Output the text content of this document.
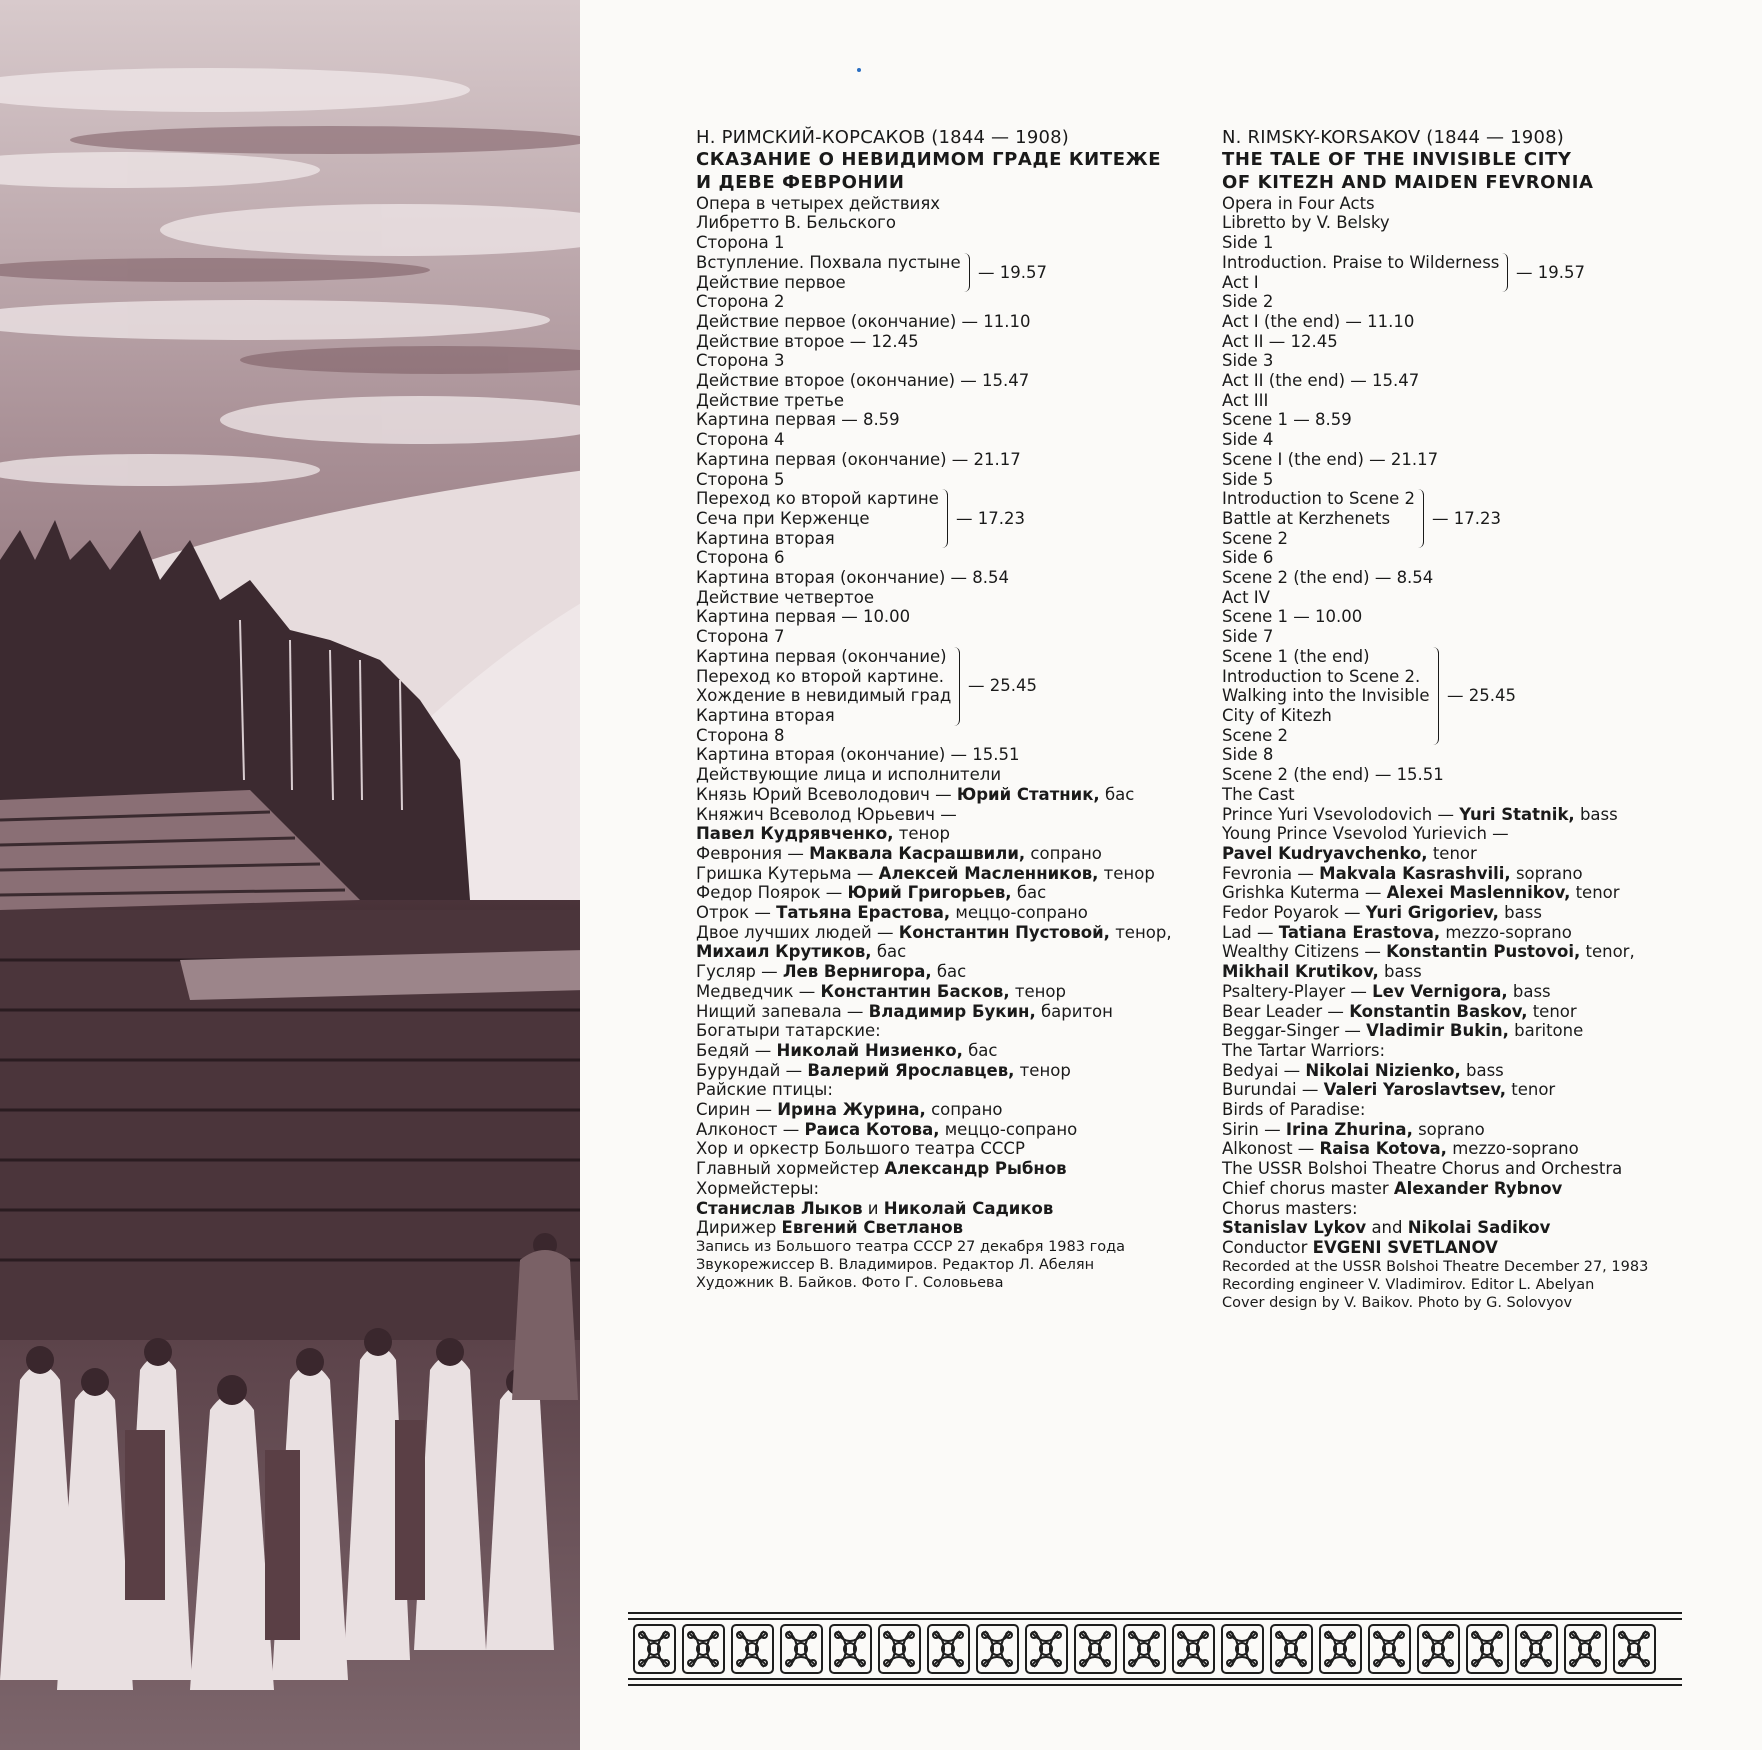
Н. РИМСКИЙ-КОРСАКОВ (1844 — 1908)
СКАЗАНИЕ О НЕВИДИМОМ ГРАДЕ КИТЕЖЕ
И ДЕВЕ ФЕВРОНИИ
Опера в четырех действиях
Либретто В. Бельского
Сторона 1
Вступление. Похвала пустыне
Действие первое
— 19.57
Сторона 2
Действие первое (окончание) — 11.10
Действие второе — 12.45
Сторона 3
Действие второе (окончание) — 15.47
Действие третье
Картина первая — 8.59
Сторона 4
Картина первая (окончание) — 21.17
Сторона 5
Переход ко второй картине
Сеча при Керженце
Картина вторая
— 17.23
Сторона 6
Картина вторая (окончание) — 8.54
Действие четвертое
Картина первая — 10.00
Сторона 7
Картина первая (окончание)
Переход ко второй картине.
Хождение в невидимый град
Картина вторая
— 25.45
Сторона 8
Картина вторая (окончание) — 15.51
Действующие лица и исполнители
Князь Юрий Всеволодович — Юрий Статник, бас
Княжич Всеволод Юрьевич —
Павел Кудрявченко, тенор
Феврония — Маквала Касрашвили, сопрано
Гришка Кутерьма — Алексей Масленников, тенор
Федор Поярок — Юрий Григорьев, бас
Отрок — Татьяна Ерастова, меццо-сопрано
Двое лучших людей — Константин Пустовой, тенор,
Михаил Крутиков, бас
Гусляр — Лев Вернигора, бас
Медведчик — Константин Басков, тенор
Нищий запевала — Владимир Букин, баритон
Богатыри татарские:
Бедяй — Николай Низиенко, бас
Бурундай — Валерий Ярославцев, тенор
Райские птицы:
Сирин — Ирина Журина, сопрано
Алконост — Раиса Котова, меццо-сопрано
Хор и оркестр Большого театра СССР
Главный хормейстер Александр Рыбнов
Хормейстеры:
Станислав Лыков и Николай Садиков
Дирижер Евгений Светланов
Запись из Большого театра СССР 27 декабря 1983 года
Звукорежиссер В. Владимиров. Редактор Л. Абелян
Художник В. Байков. Фото Г. Соловьева
N. RIMSKY-KORSAKOV (1844 — 1908)
THE TALE OF THE INVISIBLE CITY
OF KITEZH AND MAIDEN FEVRONIA
Opera in Four Acts
Libretto by V. Belsky
Side 1
Introduction. Praise to Wilderness
Act I
— 19.57
Side 2
Act I (the end) — 11.10
Act II — 12.45
Side 3
Act II (the end) — 15.47
Act III
Scene 1 — 8.59
Side 4
Scene I (the end) — 21.17
Side 5
Introduction to Scene 2
Battle at Kerzhenets
Scene 2
— 17.23
Side 6
Scene 2 (the end) — 8.54
Act IV
Scene 1 — 10.00
Side 7
Scene 1 (the end)
Introduction to Scene 2.
Walking into the Invisible
City of Kitezh
Scene 2
— 25.45
Side 8
Scene 2 (the end) — 15.51
The Cast
Prince Yuri Vsevolodovich — Yuri Statnik, bass
Young Prince Vsevolod Yurievich —
Pavel Kudryavchenko, tenor
Fevronia — Makvala Kasrashvili, soprano
Grishka Kuterma — Alexei Maslennikov, tenor
Fedor Poyarok — Yuri Grigoriev, bass
Lad — Tatiana Erastova, mezzo-soprano
Wealthy Citizens — Konstantin Pustovoi, tenor,
Mikhail Krutikov, bass
Psaltery-Player — Lev Vernigora, bass
Bear Leader — Konstantin Baskov, tenor
Beggar-Singer — Vladimir Bukin, baritone
The Tartar Warriors:
Bedyai — Nikolai Nizienko, bass
Burundai — Valeri Yaroslavtsev, tenor
Birds of Paradise:
Sirin — Irina Zhurina, soprano
Alkonost — Raisa Kotova, mezzo-soprano
The USSR Bolshoi Theatre Chorus and Orchestra
Chief chorus master Alexander Rybnov
Chorus masters:
Stanislav Lykov and Nikolai Sadikov
Conductor EVGENI SVETLANOV
Recorded at the USSR Bolshoi Theatre December 27, 1983
Recording engineer V. Vladimirov. Editor L. Abelyan
Cover design by V. Baikov. Photo by G. Solovyov
